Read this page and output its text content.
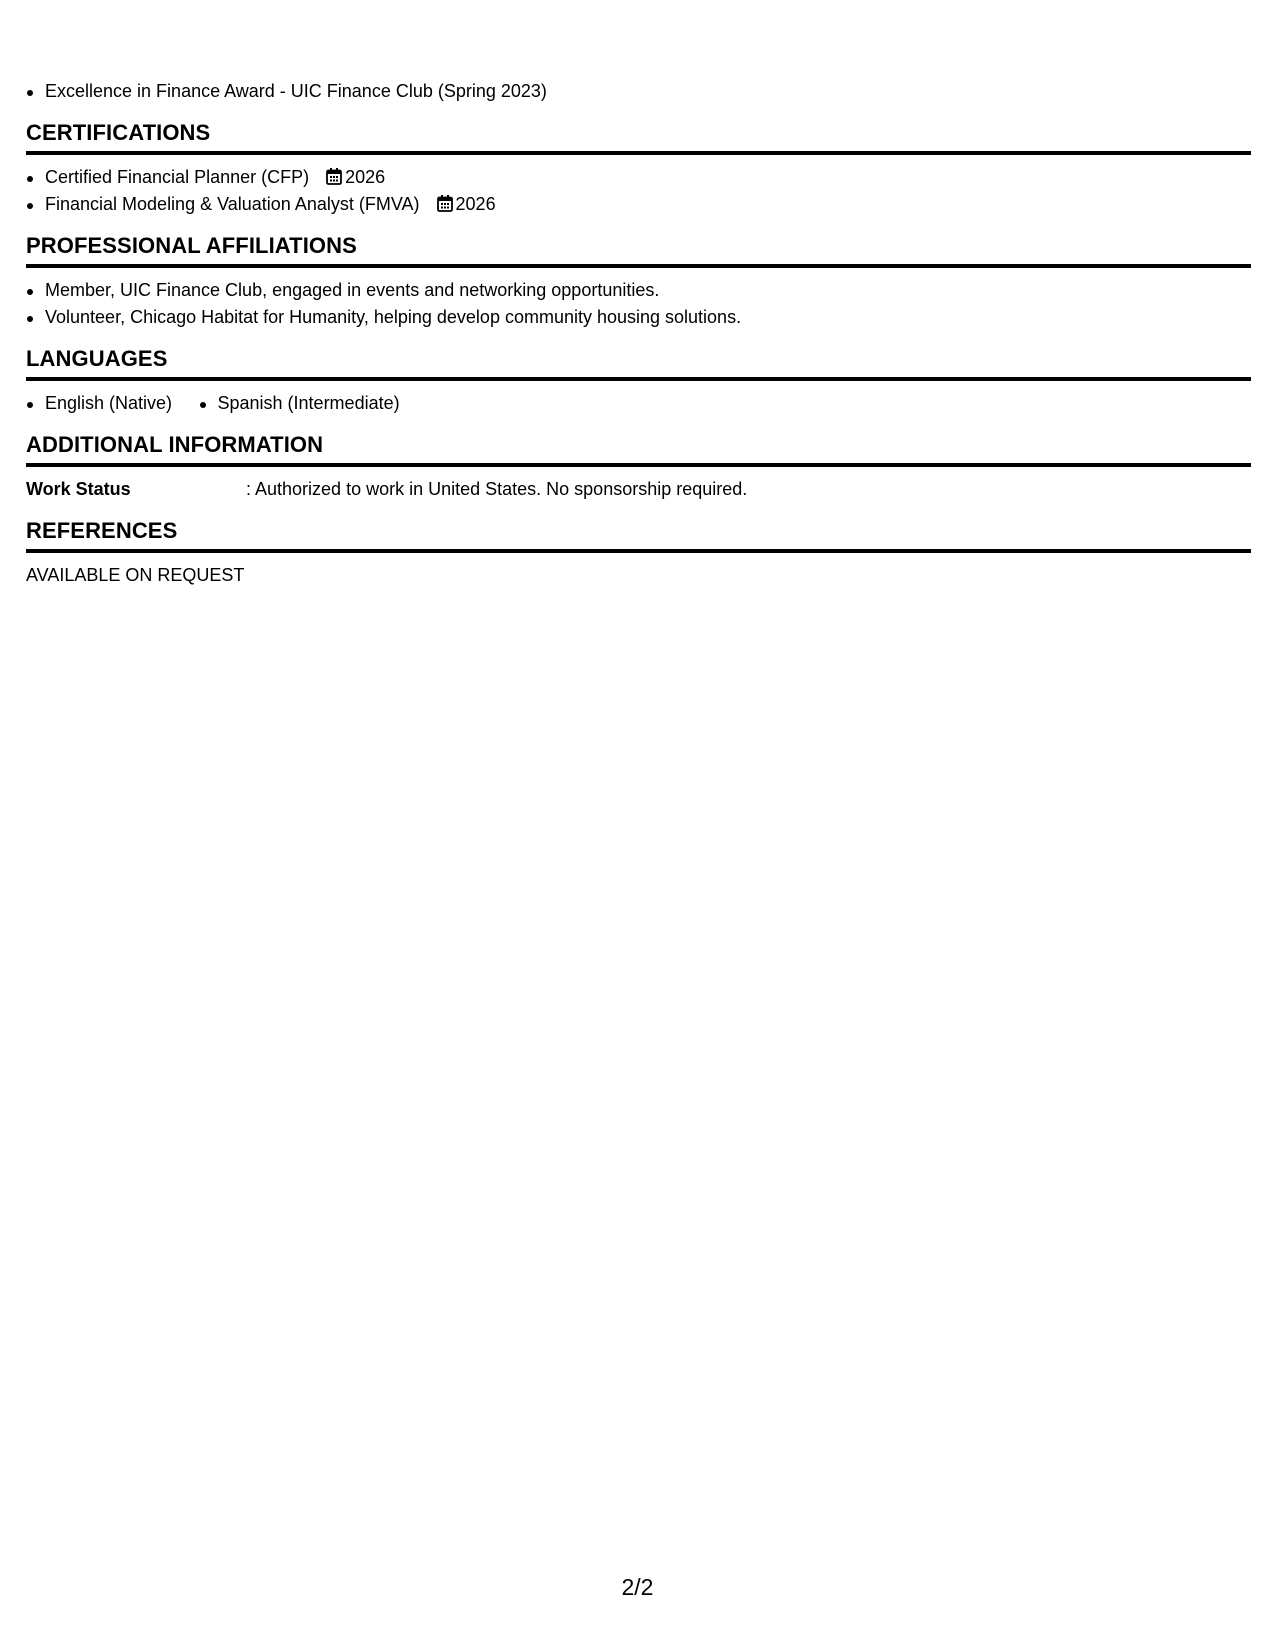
Excellence in Finance Award - UIC Finance Club (Spring 2023)
CERTIFICATIONS
Certified Financial Planner (CFP) 2026
Financial Modeling & Valuation Analyst (FMVA) 2026
PROFESSIONAL AFFILIATIONS
Member, UIC Finance Club, engaged in events and networking opportunities.
Volunteer, Chicago Habitat for Humanity, helping develop community housing solutions.
LANGUAGES
English (Native)	Spanish (Intermediate)
ADDITIONAL INFORMATION
Work Status	: Authorized to work in United States. No sponsorship required.
REFERENCES
AVAILABLE ON REQUEST
2/2
